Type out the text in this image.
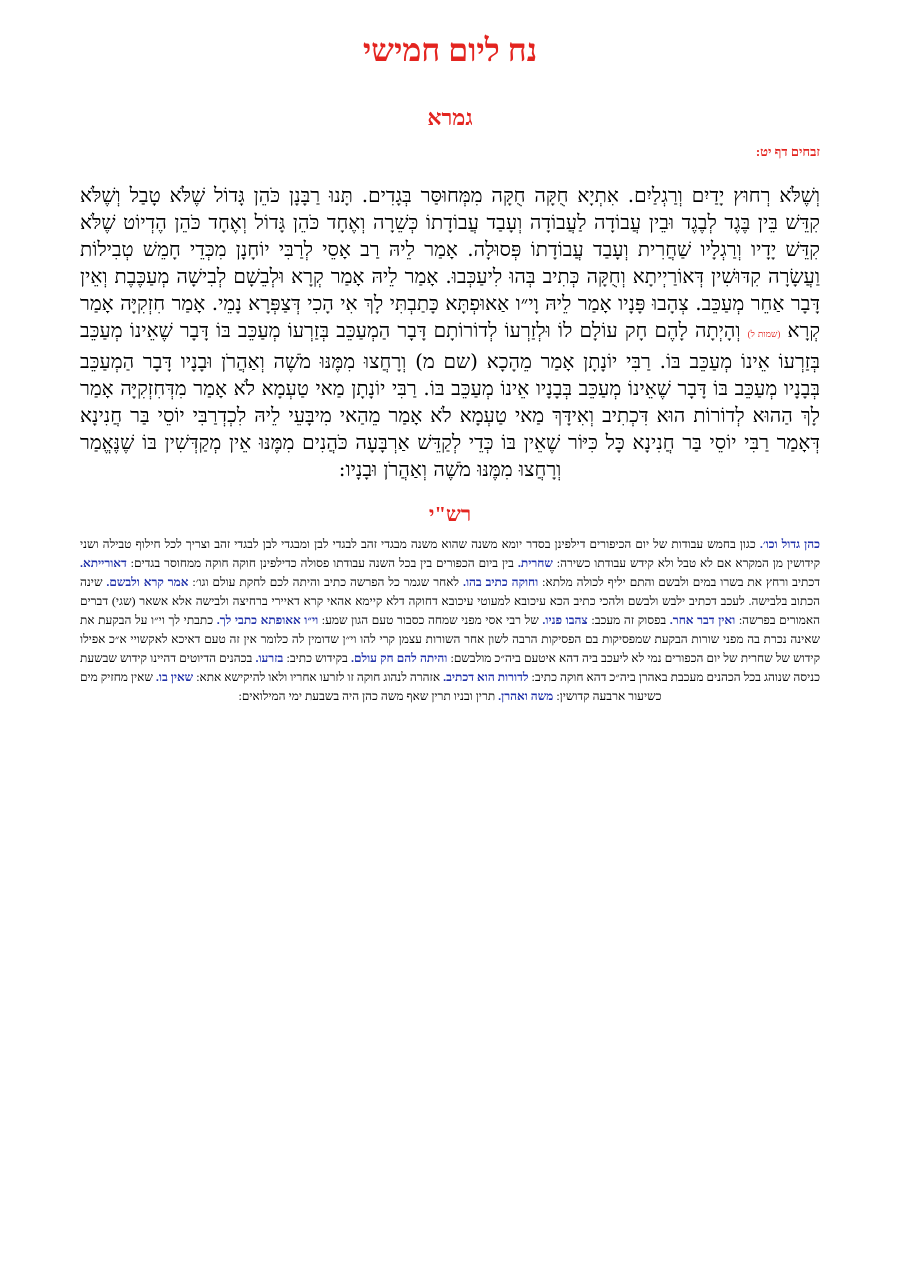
נח ליום חמישי
גמרא
זבחים דף יט:

וְשֶׁלֹּא רְחוּץ יָדַיִם וְרַגְלַיִם. אִתְיָא חֻקָּה חֻקָּה מִמְּחוּסַּר בְּגָדִים. תָּנוּ רַבָּנָן כֹּהֵן גָּדוֹל שֶׁלֹּא טָבַל וְשֶׁלֹּא קִדֵּשׁ בֵּין בֶּגֶד לְבֶגֶד וּבֵין עֲבוֹדָה לַעֲבוֹדָה וְעָבַד עֲבוֹדָתוֹ כְּשֵׁרָה וְאֶחָד כֹּהֵן גָּדוֹל וְאֶחָד כֹּהֵן הֶדְיוֹט שֶׁלֹּא קִדֵּשׁ יָדָיו וְרַגְלָיו שַׁחֲרִית וְעָבַד עֲבוֹדָתוֹ פְּסוּלָה. אָמַר לֵיהּ רַב אָסֵי לְרַבִּי יוֹחָנָן מִכְּדֵי חָמֵשׁ טְבִילוֹת וַעֲשָׂרָה קִדּוּשִׁין דְּאוֹרַיְיתָא וְחֻקָּה כְּתִיב בְּהוּ לִיעַכְּבוּ. אָמַר לֵיהּ אָמַר קְרָא וּלְבֵשָׁם לְבִישָׁה מְעַכֶּבֶת וְאֵין דָּבָר אַחֵר מְעַכֵּב. צְהָבוּ פָּנָיו אָמַר לֵיהּ וָי״ו אַאוּפְתָּא כָּתַבְתִּי לָךְ אִי הָכִי דְּצַפְּרָא נָמֵי. אָמַר חִזְקִיָּה אָמַר קְרָא (שמות ל) וְהָיְתָה לָהֶם חָק עוֹלָם לוֹ וּלְזַרְעוֹ לְדוֹרוֹתָם דָּבָר הַמְעַכֵּב בְּזַרְעוֹ מְעַכֵּב בּוֹ דָּבָר שֶׁאֵינוֹ מְעַכֵּב בְּזַרְעוֹ אֵינוֹ מְעַכֵּב בּוֹ. רַבִּי יוֹנָתָן אָמַר מֵהָכָא (שם מ) וְרָחֲצוּ מִמֶּנּוּ מֹשֶׁה וְאַהֲרֹן וּבָנָיו דָּבָר הַמְעַכֵּב בְּבָנָיו מְעַכֵּב בּוֹ דָּבָר שֶׁאֵינוֹ מְעַכֵּב בְּבָנָיו אֵינוֹ מְעַכֵּב בּוֹ. רַבִּי יוֹנָתָן מַאי טַעְמָא לֹא אָמַר מִדְּחִזְקִיָּה אָמַר לָךְ הַהוּא לְדוֹרוֹת הוּא דִּכְתִיב וְאִידָּךְ מַאי טַעְמָא לֹא אָמַר מֵהַאי מִיבָּעֵי לֵיהּ לִכְדְרַבִּי יוֹסֵי בַּר חֲנִינָא דְּאָמַר רַבִּי יוֹסֵי בַּר חֲנִינָא כָּל כִּיּוֹר שֶׁאֵין בּוֹ כְּדֵי לְקַדֵּשׁ אַרְבָּעָה כֹּהֲנִים מִמֶּנּוּ אֵין מְקַדְּשִׁין בּוֹ שֶׁנֶּאֱמַר וְרָחֲצוּ מִמֶּנּוּ מֹשֶׁה וְאַהֲרֹן וּבָנָיו:

רש"י

כהן גדול וכו׳. כגון בחמש עבודות של יום הכיפורים דילפינן בסדר יומא משנה שהוא משנה מבגדי זהב לבגדי לבן ומבגדי לבן לבגדי זהב וצריך לכל חילוף טבילה ושני קידושין מן המקרא אם לא טבל ולא קידש עבודתו כשירה: שחרית. בין ביום הכפורים בין בכל השנה עבודתו פסולה כדילפינן חוקה חוקה ממחוסר בגדים: דאורייתא. דכתיב ורחץ את בשרו במים ולבשם והתם יליף לכולה מלתא: וחוקה כתיב בהו. לאחר שגמר כל הפרשה כתיב והיתה לכם לחקת עולם וגו׳: אמר קרא ולבשם. שינה הכתוב בלבישה. לעכב דכתיב ילבש ולבשם ולהכי כתיב הכא עיכובא למעוטי עיכובא דחוקה דלא קיימא אהאי קרא דאיירי ברחיצה ולבישה אלא אשאר (שגי) דברים האמורים בפרשה: ואין דבר אחר. בפסוק זה מעכב: צהבו פניו. של רבי אסי מפני שמחה כסבור טעם הגון שמע: וי״ו אאופתא כתבי לך. כתבתי לך וי״ו על הבקעת את שאינה נכרת בה מפני שורות הבקעת שמפסיקות בם הפסיקות הרבה לשון אחר השורות עצמן קרי להו וי״ן שדומין לה כלומר אין זה טעם דאיכא לאקשויי א״כ אפילו קידוש של שחרית של יום הכפורים נמי לא ליעכב ביה דהא איטעם ביה״כ מולבשם: והיתה להם חק עולם. בקידוש כתיב: בזרעו. בכהנים הדיוטים דהיינו קידוש שבשעת כניסה שנוהג בכל הכהנים מעכבת באהרן ביה״כ דהא חוקה כתיב: לדורות הוא דכתיב. אזהרה לנהוג חוקה זו לזרעו אחריו ולאו להיקישא אתא: שאין בו. שאין מחזיק מים כשיעור ארבעה קדושין: משה ואהרן. תרין ובניו תרין שאף משה כהן היה בשבעת ימי המילואים:
